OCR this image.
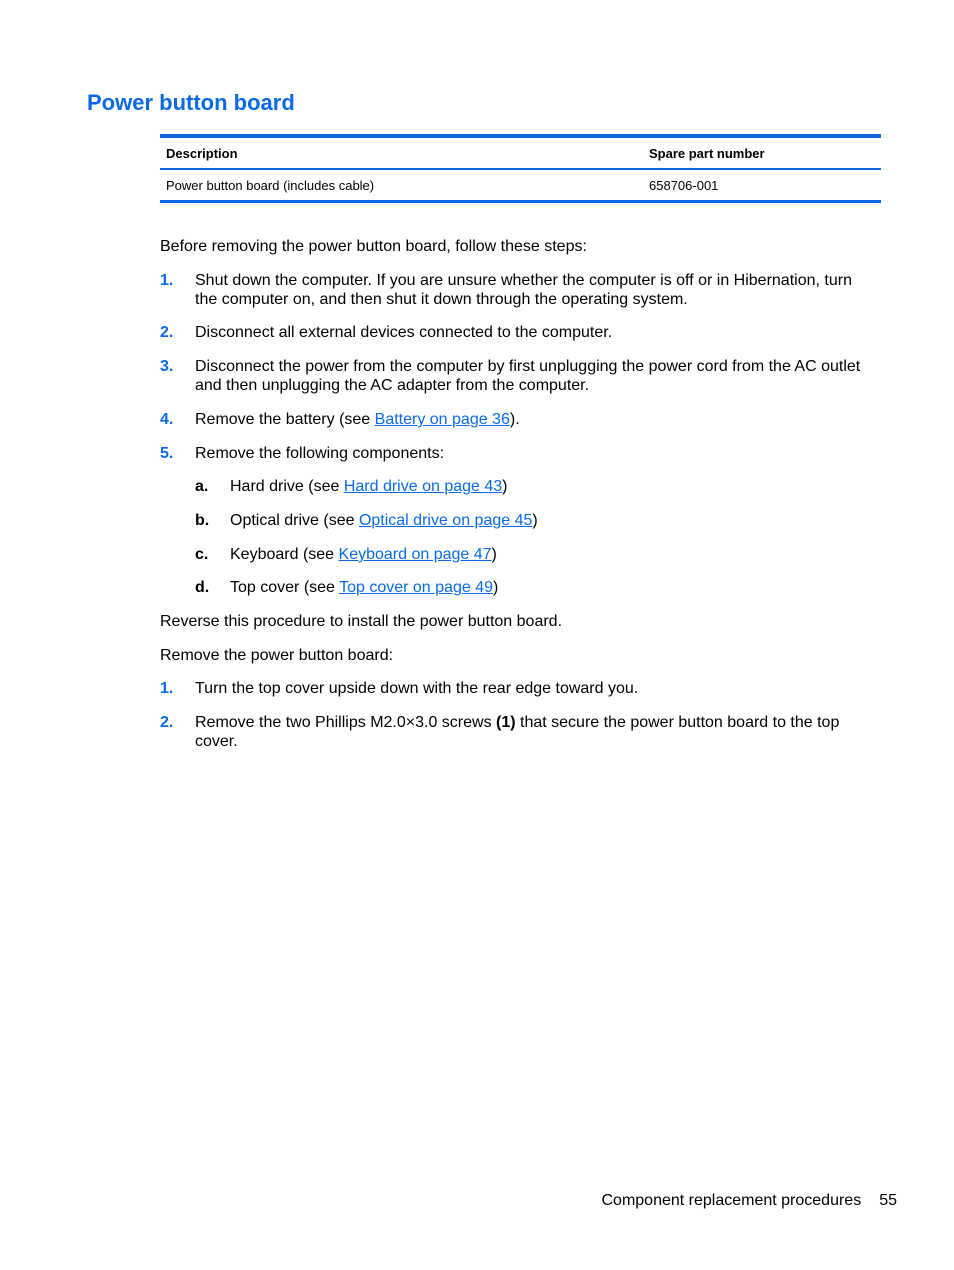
Power button board
Description	Spare part number
Power button board (includes cable)	658706-001
Before removing the power button board, follow these steps:
1. Shut down the computer. If you are unsure whether the computer is off or in Hibernation, turn the computer on, and then shut it down through the operating system.
2. Disconnect all external devices connected to the computer.
3. Disconnect the power from the computer by first unplugging the power cord from the AC outlet and then unplugging the AC adapter from the computer.
4. Remove the battery (see Battery on page 36).
5. Remove the following components:
a. Hard drive (see Hard drive on page 43)
b. Optical drive (see Optical drive on page 45)
c. Keyboard (see Keyboard on page 47)
d. Top cover (see Top cover on page 49)
Reverse this procedure to install the power button board.
Remove the power button board:
1. Turn the top cover upside down with the rear edge toward you.
2. Remove the two Phillips M2.0×3.0 screws (1) that secure the power button board to the top cover.
Component replacement procedures 55
